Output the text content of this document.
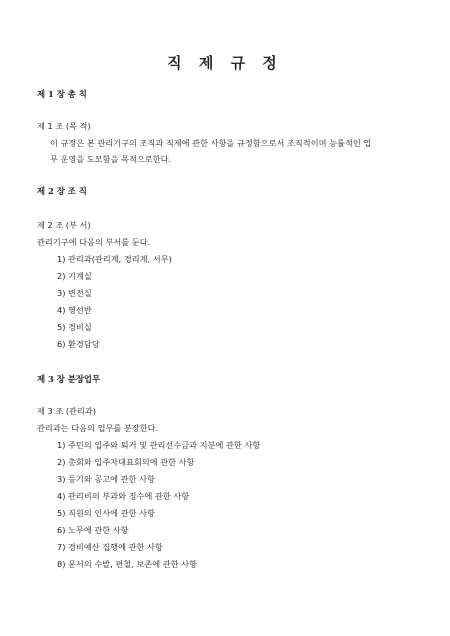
직 제 규 정
제 1 장 총 칙
제 1 조 (목 적)
이 규정은 본 관리기구의 조직과 직제에 관한 사항을 규정함으로서 조직적이며 능률적인 업
무 운영을 도모함을 목적으로한다.
제 2 장 조 직
제 2 조 (부 서)
관리기구에 다음의 부서를 둔다.
1) 관리과(관리계, 경리계, 서무)
2) 기계실
3) 변전실
4) 영선반
5) 경비실
6) 환경담당
제 3 장 분장업무
제 3 조 (관리과)
관리과는 다음의 업무를 분장한다.
1) 주민의 입주와 퇴거 및 관리선수금과 지분에 관한 사항
2) 총회와 입주자대표회의에 관한 사항
3) 등기와 공고에 관한 사항
4) 관리비의 부과와 징수에 관한 사항
5) 직원의 인사에 관한 사항
6) 노무에 관한 사항
7) 경비예산 집행에 관한 사항
8) 문서의 수발, 편철, 보존에 관한 사항
